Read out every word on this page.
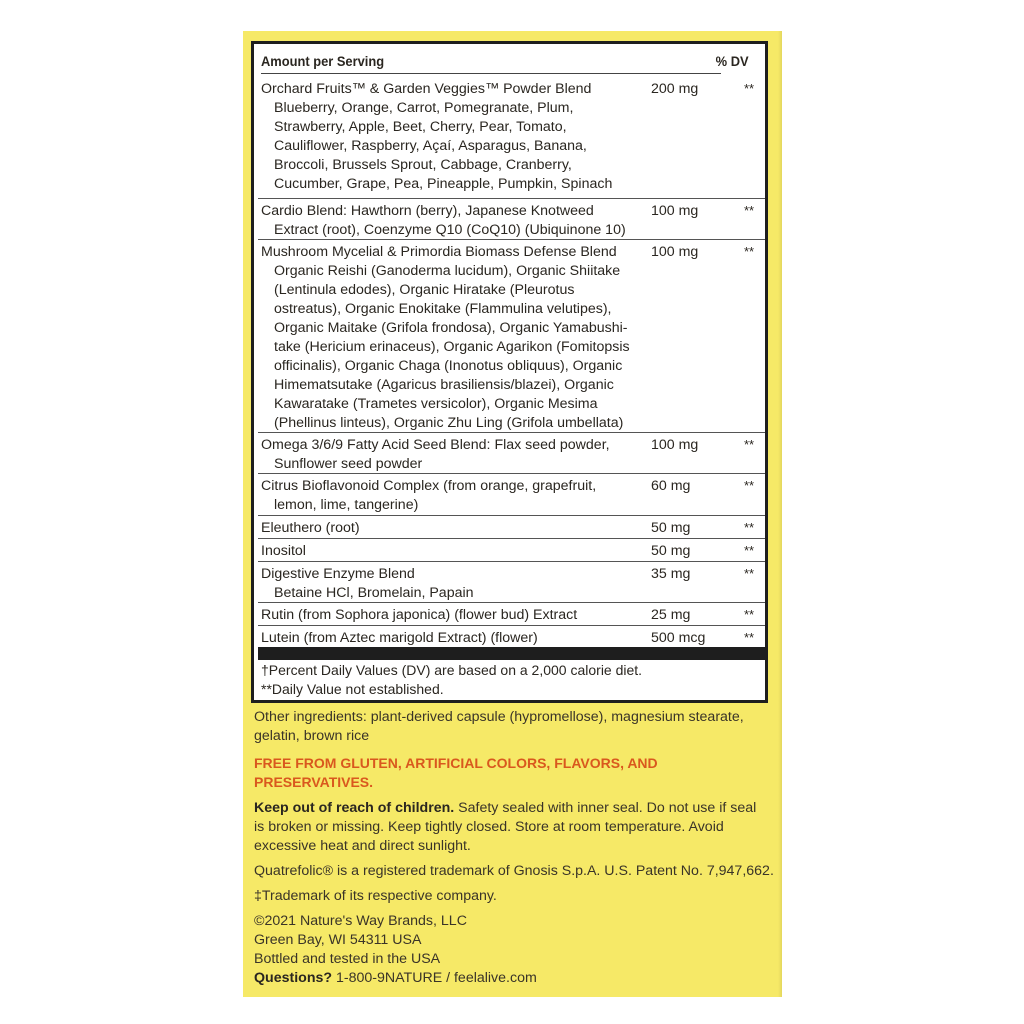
Amount per Serving	% DV
Orchard Fruits™ & Garden Veggies™ Powder Blend
Blueberry, Orange, Carrot, Pomegranate, Plum,
Strawberry, Apple, Beet, Cherry, Pear, Tomato,
Cauliflower, Raspberry, Açaí, Asparagus, Banana,
Broccoli, Brussels Sprout, Cabbage, Cranberry,
Cucumber, Grape, Pea, Pineapple, Pumpkin, Spinach
200 mg	**
Cardio Blend: Hawthorn (berry), Japanese Knotweed
Extract (root), Coenzyme Q10 (CoQ10) (Ubiquinone 10)
100 mg	**
Mushroom Mycelial & Primordia Biomass Defense Blend
Organic Reishi (Ganoderma lucidum), Organic Shiitake
(Lentinula edodes), Organic Hiratake (Pleurotus
ostreatus), Organic Enokitake (Flammulina velutipes),
Organic Maitake (Grifola frondosa), Organic Yamabushi-
take (Hericium erinaceus), Organic Agarikon (Fomitopsis
officinalis), Organic Chaga (Inonotus obliquus), Organic
Himematsutake (Agaricus brasiliensis/blazei), Organic
Kawaratake (Trametes versicolor), Organic Mesima
(Phellinus linteus), Organic Zhu Ling (Grifola umbellata)
100 mg	**
Omega 3/6/9 Fatty Acid Seed Blend: Flax seed powder,
Sunflower seed powder
100 mg	**
Citrus Bioflavonoid Complex (from orange, grapefruit,
lemon, lime, tangerine)
60 mg	**
Eleuthero (root)	50 mg	**
Inositol	50 mg	**
Digestive Enzyme Blend
Betaine HCl, Bromelain, Papain
35 mg	**
Rutin (from Sophora japonica) (flower bud) Extract	25 mg	**
Lutein (from Aztec marigold Extract) (flower)	500 mcg	**
†Percent Daily Values (DV) are based on a 2,000 calorie diet.
**Daily Value not established.
Other ingredients: plant-derived capsule (hypromellose), magnesium stearate,
gelatin, brown rice
FREE FROM GLUTEN, ARTIFICIAL COLORS, FLAVORS, AND
PRESERVATIVES.
Keep out of reach of children. Safety sealed with inner seal. Do not use if seal
is broken or missing. Keep tightly closed. Store at room temperature. Avoid
excessive heat and direct sunlight.
Quatrefolic® is a registered trademark of Gnosis S.p.A. U.S. Patent No. 7,947,662.
‡Trademark of its respective company.
©2021 Nature's Way Brands, LLC
Green Bay, WI 54311 USA
Bottled and tested in the USA
Questions? 1-800-9NATURE / feelalive.com
